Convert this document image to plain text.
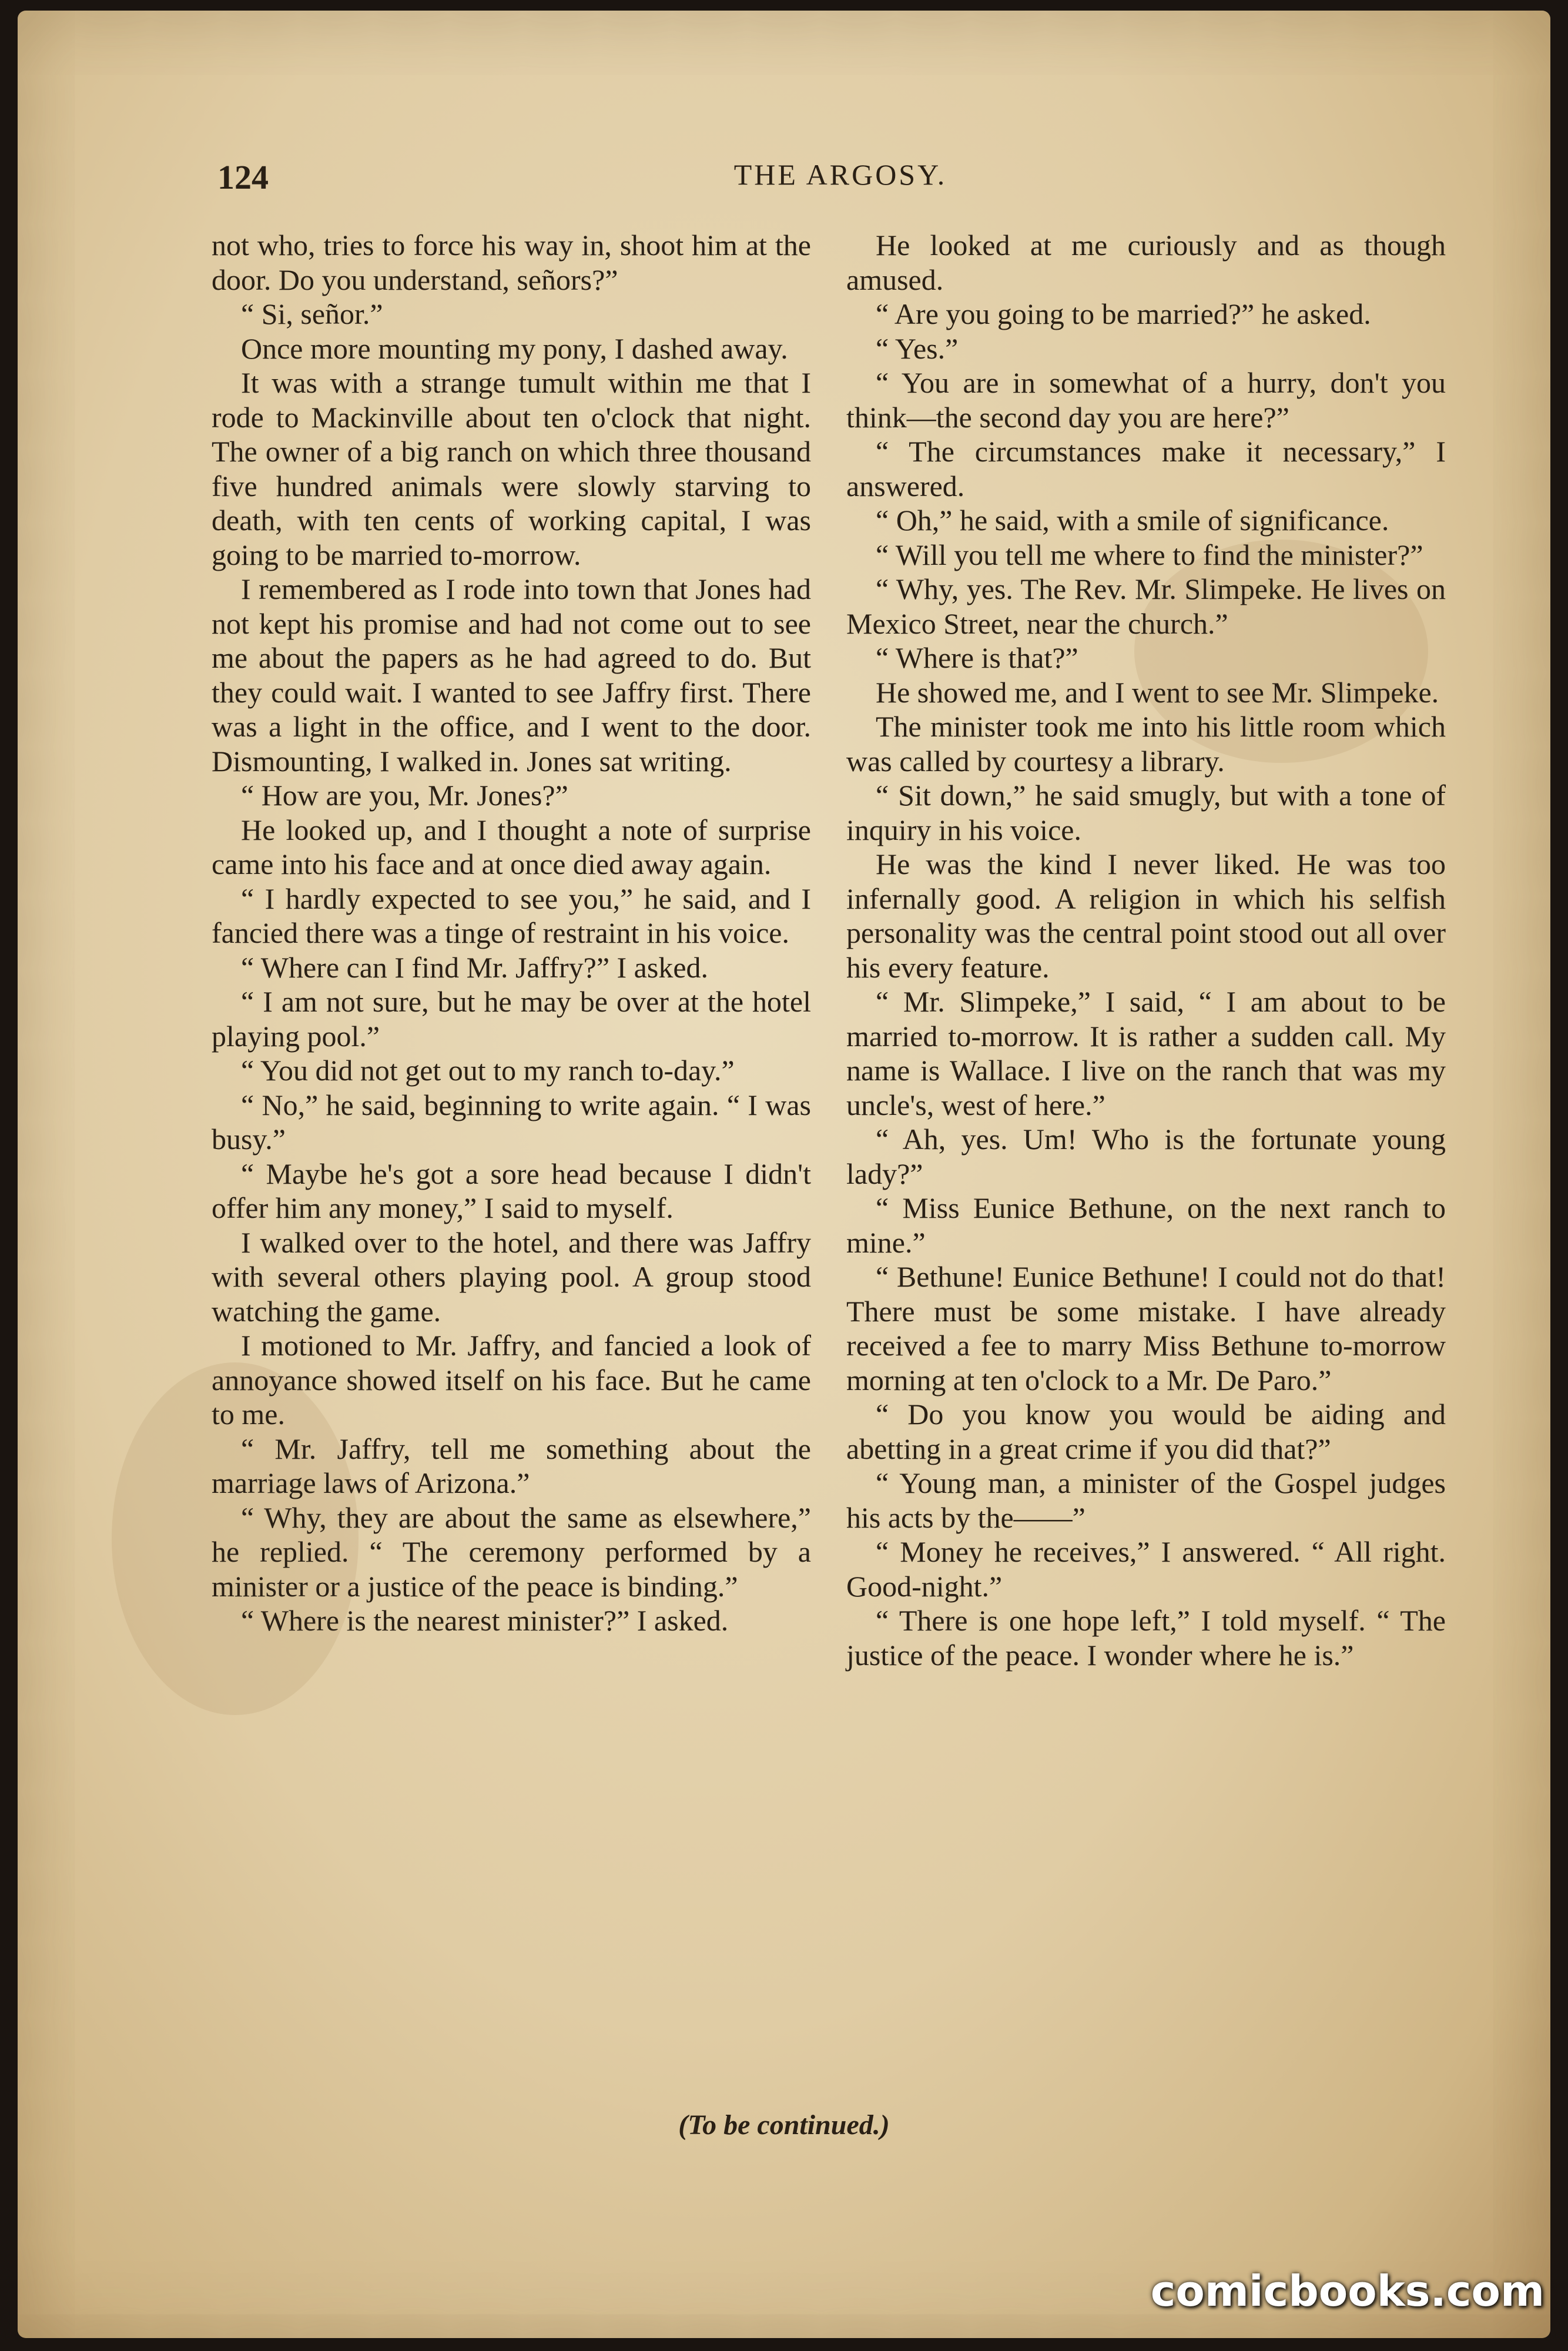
124	THE ARGOSY.

not who, tries to force his way in, shoot him at the door. Do you understand, señors?”

“ Si, señor.”

Once more mounting my pony, I dashed away.

It was with a strange tumult within me that I rode to Mackinville about ten o'clock that night. The owner of a big ranch on which three thousand five hundred animals were slowly starving to death, with ten cents of working capital, I was going to be married to-morrow.

I remembered as I rode into town that Jones had not kept his promise and had not come out to see me about the papers as he had agreed to do. But they could wait. I wanted to see Jaffry first. There was a light in the office, and I went to the door. Dismounting, I walked in. Jones sat writing.

“ How are you, Mr. Jones?”

He looked up, and I thought a note of surprise came into his face and at once died away again.

“ I hardly expected to see you,” he said, and I fancied there was a tinge of restraint in his voice.

“ Where can I find Mr. Jaffry?” I asked.

“ I am not sure, but he may be over at the hotel playing pool.”

“ You did not get out to my ranch to-day.”

“ No,” he said, beginning to write again. “ I was busy.”

“ Maybe he's got a sore head because I didn't offer him any money,” I said to myself.

I walked over to the hotel, and there was Jaffry with several others playing pool. A group stood watching the game.

I motioned to Mr. Jaffry, and fancied a look of annoyance showed itself on his face. But he came to me.

“ Mr. Jaffry, tell me something about the marriage laws of Arizona.”

“ Why, they are about the same as elsewhere,” he replied. “ The ceremony performed by a minister or a justice of the peace is binding.”

“ Where is the nearest minister?” I asked.

He looked at me curiously and as though amused.

“ Are you going to be married?” he asked.

“ Yes.”

“ You are in somewhat of a hurry, don't you think—the second day you are here?”

“ The circumstances make it necessary,” I answered.

“ Oh,” he said, with a smile of significance.

“ Will you tell me where to find the minister?”

“ Why, yes. The Rev. Mr. Slimpeke. He lives on Mexico Street, near the church.”

“ Where is that?”

He showed me, and I went to see Mr. Slimpeke.

The minister took me into his little room which was called by courtesy a library.

“ Sit down,” he said smugly, but with a tone of inquiry in his voice.

He was the kind I never liked. He was too infernally good. A religion in which his selfish personality was the central point stood out all over his every feature.

“ Mr. Slimpeke,” I said, “ I am about to be married to-morrow. It is rather a sudden call. My name is Wallace. I live on the ranch that was my uncle's, west of here.”

“ Ah, yes. Um! Who is the fortunate young lady?”

“ Miss Eunice Bethune, on the next ranch to mine.”

“ Bethune! Eunice Bethune! I could not do that! There must be some mistake. I have already received a fee to marry Miss Bethune to-morrow morning at ten o'clock to a Mr. De Paro.”

“ Do you know you would be aiding and abetting in a great crime if you did that?”

“ Young man, a minister of the Gospel judges his acts by the——”

“ Money he receives,” I answered. “ All right. Good-night.”

“ There is one hope left,” I told myself. “ The justice of the peace. I wonder where he is.”

(To be continued.)
comicbooks.com
